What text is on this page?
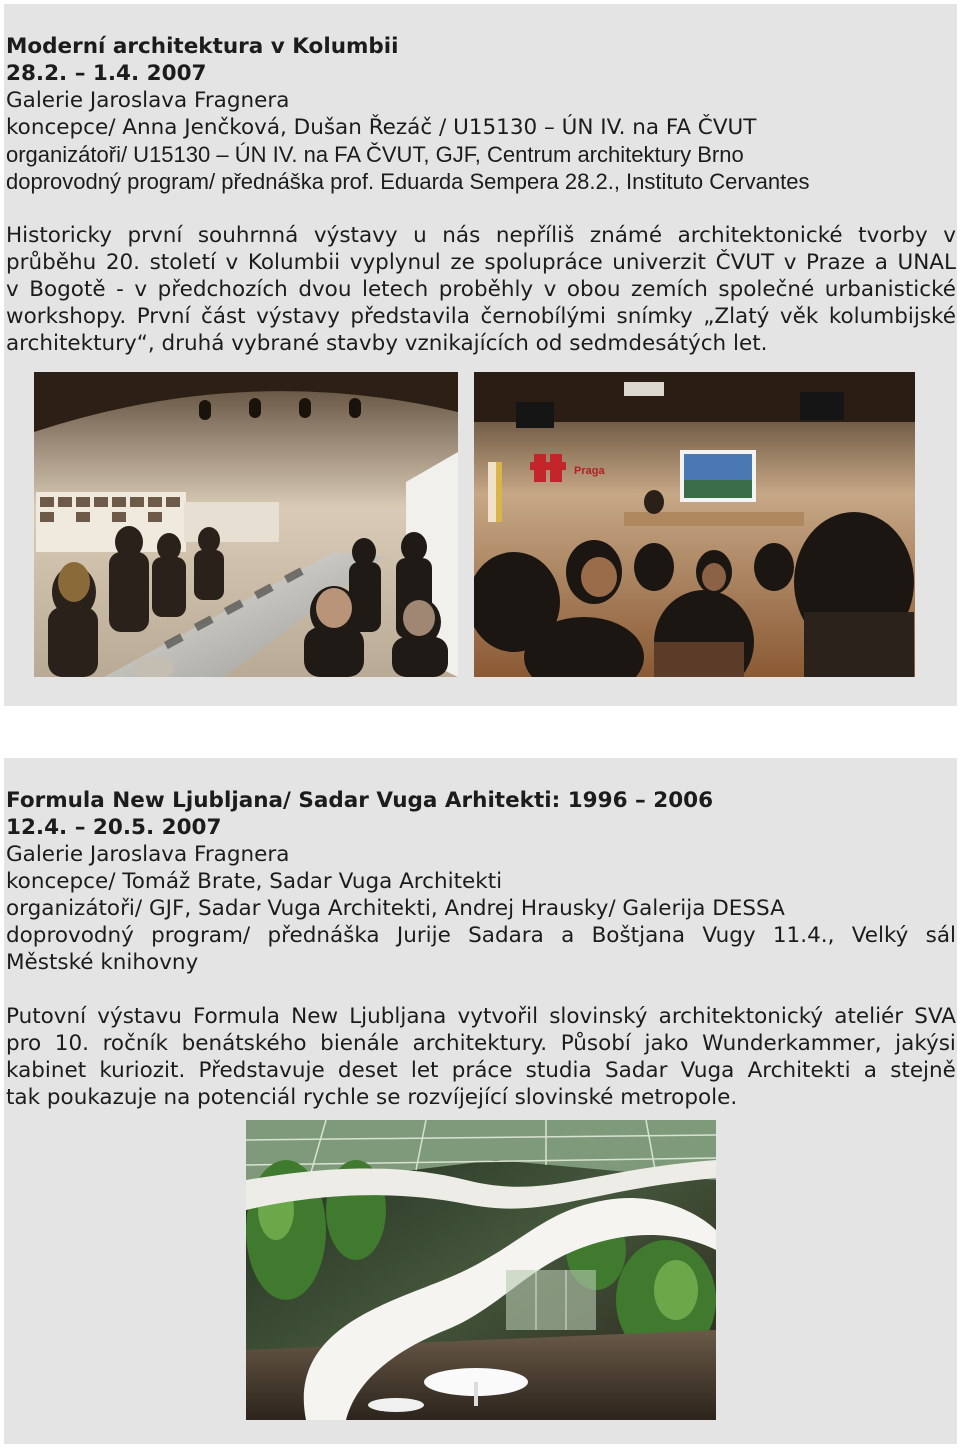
Moderní architektura v Kolumbii
28.2. – 1.4. 2007
Galerie Jaroslava Fragnera
koncepce/ Anna Jenčková, Dušan Řezáč / U15130 – ÚN IV. na FA ČVUT
organizátoři/ U15130 – ÚN IV. na FA ČVUT, GJF, Centrum architektury Brno
doprovodný program/ přednáška prof. Eduarda Sempera 28.2., Instituto Cervantes
Historicky první souhrnná výstavy u nás nepříliš známé architektonické tvorby v
průběhu 20. století v Kolumbii vyplynul ze spolupráce univerzit ČVUT v Praze a UNAL
v Bogotě - v předchozích dvou letech proběhly v obou zemích společné urbanistické
workshopy. První část výstavy představila černobílými snímky „Zlatý věk kolumbijské
architektury“, druhá vybrané stavby vznikajících od sedmdesátých let.
Praga
Formula New Ljubljana/ Sadar Vuga Arhitekti: 1996 – 2006
12.4. – 20.5. 2007
Galerie Jaroslava Fragnera
koncepce/ Tomáž Brate, Sadar Vuga Architekti
organizátoři/ GJF, Sadar Vuga Architekti, Andrej Hrausky/ Galerija DESSA
doprovodný program/ přednáška Jurije Sadara a Boštjana Vugy 11.4., Velký sál
Městské knihovny
Putovní výstavu Formula New Ljubljana vytvořil slovinský architektonický ateliér SVA
pro 10. ročník benátského bienále architektury. Působí jako Wunderkammer, jakýsi
kabinet kuriozit. Představuje deset let práce studia Sadar Vuga Architekti a stejně
tak poukazuje na potenciál rychle se rozvíjející slovinské metropole.
